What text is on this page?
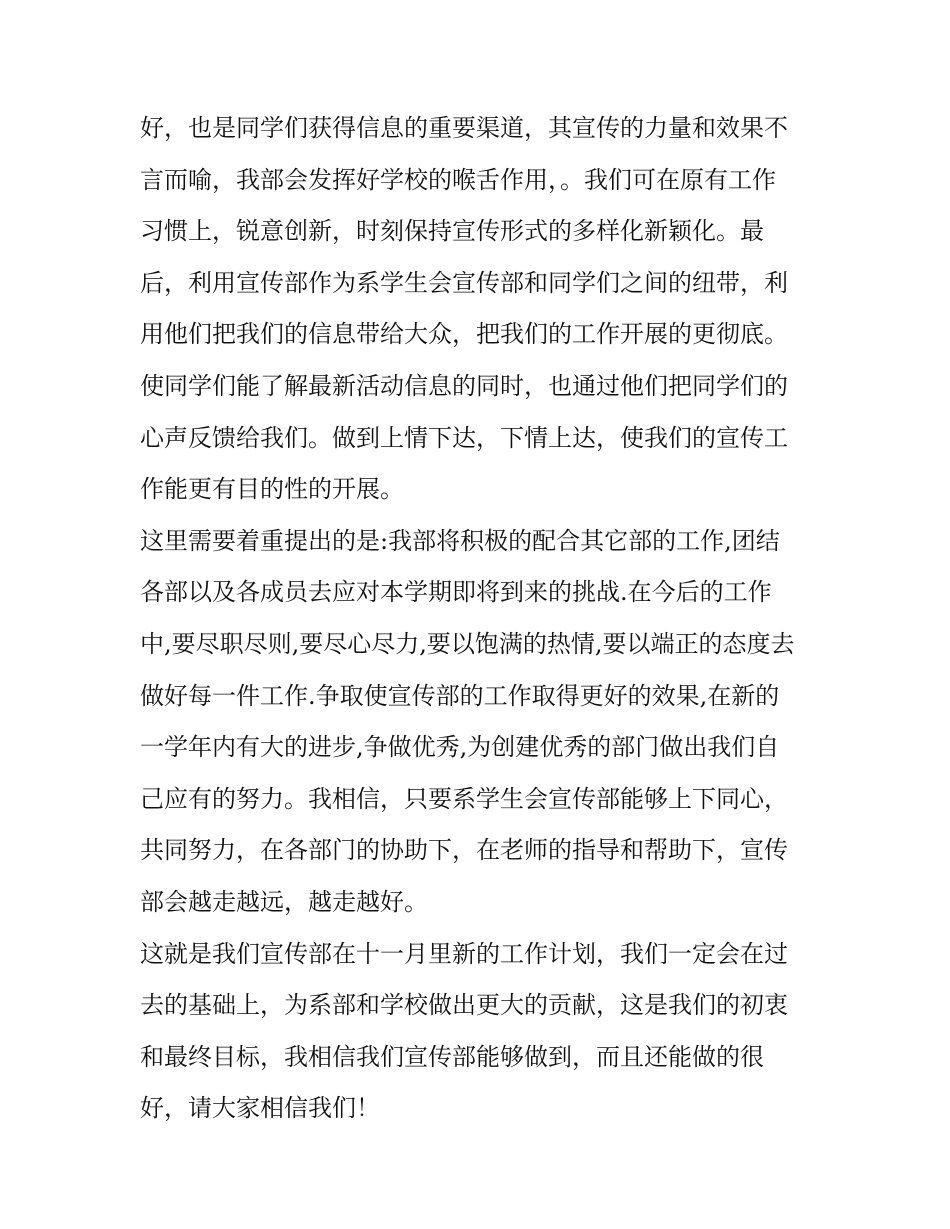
好，也是同学们获得信息的重要渠道，其宣传的力量和效果不
言而喻，我部会发挥好学校的喉舌作用，。我们可在原有工作
习惯上，锐意创新，时刻保持宣传形式的多样化新颖化。最
后，利用宣传部作为系学生会宣传部和同学们之间的纽带，利
用他们把我们的信息带给大众，把我们的工作开展的更彻底。
使同学们能了解最新活动信息的同时，也通过他们把同学们的
心声反馈给我们。做到上情下达，下情上达，使我们的宣传工
作能更有目的性的开展。
这里需要着重提出的是:我部将积极的配合其它部的工作,团结
各部以及各成员去应对本学期即将到来的挑战.在今后的工作
中,要尽职尽则,要尽心尽力,要以饱满的热情,要以端正的态度去
做好每一件工作.争取使宣传部的工作取得更好的效果,在新的
一学年内有大的进步,争做优秀,为创建优秀的部门做出我们自
己应有的努力。我相信，只要系学生会宣传部能够上下同心，
共同努力，在各部门的协助下，在老师的指导和帮助下，宣传
部会越走越远，越走越好。
这就是我们宣传部在十一月里新的工作计划，我们一定会在过
去的基础上，为系部和学校做出更大的贡献，这是我们的初衷
和最终目标，我相信我们宣传部能够做到，而且还能做的很
好，请大家相信我们！
